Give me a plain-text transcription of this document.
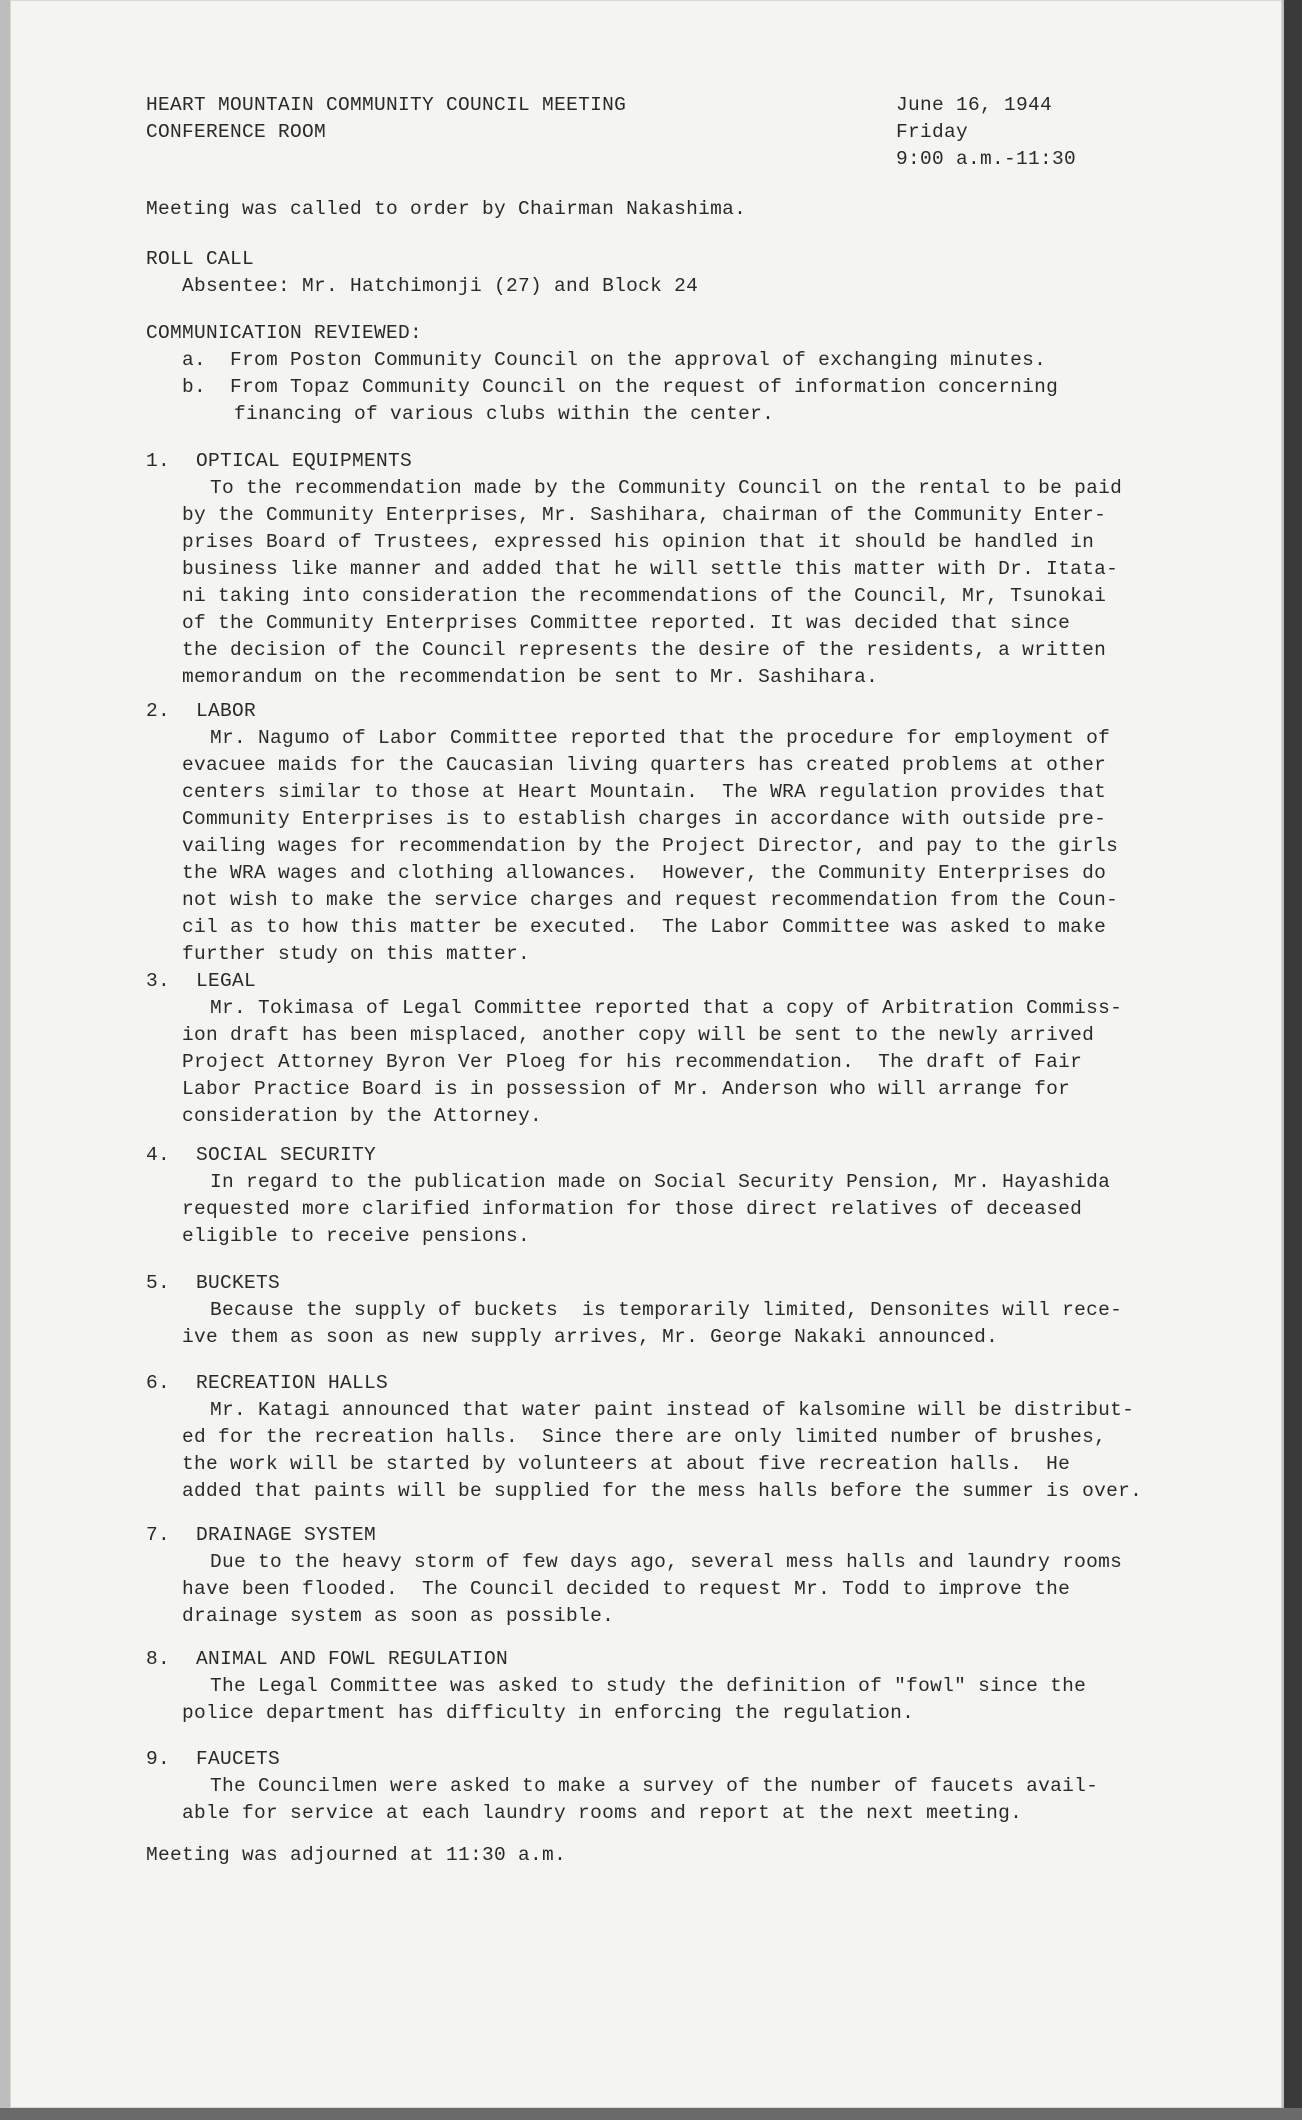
HEART MOUNTAIN COMMUNITY COUNCIL MEETING
CONFERENCE ROOM
June 16, 1944
Friday
9:00 a.m.-11:30
Meeting was called to order by Chairman Nakashima.
ROLL CALL
Absentee: Mr. Hatchimonji (27) and Block 24
COMMUNICATION REVIEWED:
a. From Poston Community Council on the approval of exchanging minutes.
b. From Topaz Community Council on the request of information concerning
financing of various clubs within the center.
1. OPTICAL EQUIPMENTS
To the recommendation made by the Community Council on the rental to be paid
by the Community Enterprises, Mr. Sashihara, chairman of the Community Enter-
prises Board of Trustees, expressed his opinion that it should be handled in
business like manner and added that he will settle this matter with Dr. Itata-
ni taking into consideration the recommendations of the Council, Mr, Tsunokai
of the Community Enterprises Committee reported. It was decided that since
the decision of the Council represents the desire of the residents, a written
memorandum on the recommendation be sent to Mr. Sashihara.
2. LABOR
Mr. Nagumo of Labor Committee reported that the procedure for employment of
evacuee maids for the Caucasian living quarters has created problems at other
centers similar to those at Heart Mountain.  The WRA regulation provides that
Community Enterprises is to establish charges in accordance with outside pre-
vailing wages for recommendation by the Project Director, and pay to the girls
the WRA wages and clothing allowances.  However, the Community Enterprises do
not wish to make the service charges and request recommendation from the Coun-
cil as to how this matter be executed.  The Labor Committee was asked to make
further study on this matter.
3. LEGAL
Mr. Tokimasa of Legal Committee reported that a copy of Arbitration Commiss-
ion draft has been misplaced, another copy will be sent to the newly arrived
Project Attorney Byron Ver Ploeg for his recommendation.  The draft of Fair
Labor Practice Board is in possession of Mr. Anderson who will arrange for
consideration by the Attorney.
4. SOCIAL SECURITY
In regard to the publication made on Social Security Pension, Mr. Hayashida
requested more clarified information for those direct relatives of deceased
eligible to receive pensions.
5. BUCKETS
Because the supply of buckets  is temporarily limited, Densonites will rece-
ive them as soon as new supply arrives, Mr. George Nakaki announced.
6. RECREATION HALLS
Mr. Katagi announced that water paint instead of kalsomine will be distribut-
ed for the recreation halls.  Since there are only limited number of brushes,
the work will be started by volunteers at about five recreation halls.  He
added that paints will be supplied for the mess halls before the summer is over.
7. DRAINAGE SYSTEM
Due to the heavy storm of few days ago, several mess halls and laundry rooms
have been flooded.  The Council decided to request Mr. Todd to improve the
drainage system as soon as possible.
8. ANIMAL AND FOWL REGULATION
The Legal Committee was asked to study the definition of "fowl" since the
police department has difficulty in enforcing the regulation.
9. FAUCETS
The Councilmen were asked to make a survey of the number of faucets avail-
able for service at each laundry rooms and report at the next meeting.
Meeting was adjourned at 11:30 a.m.
